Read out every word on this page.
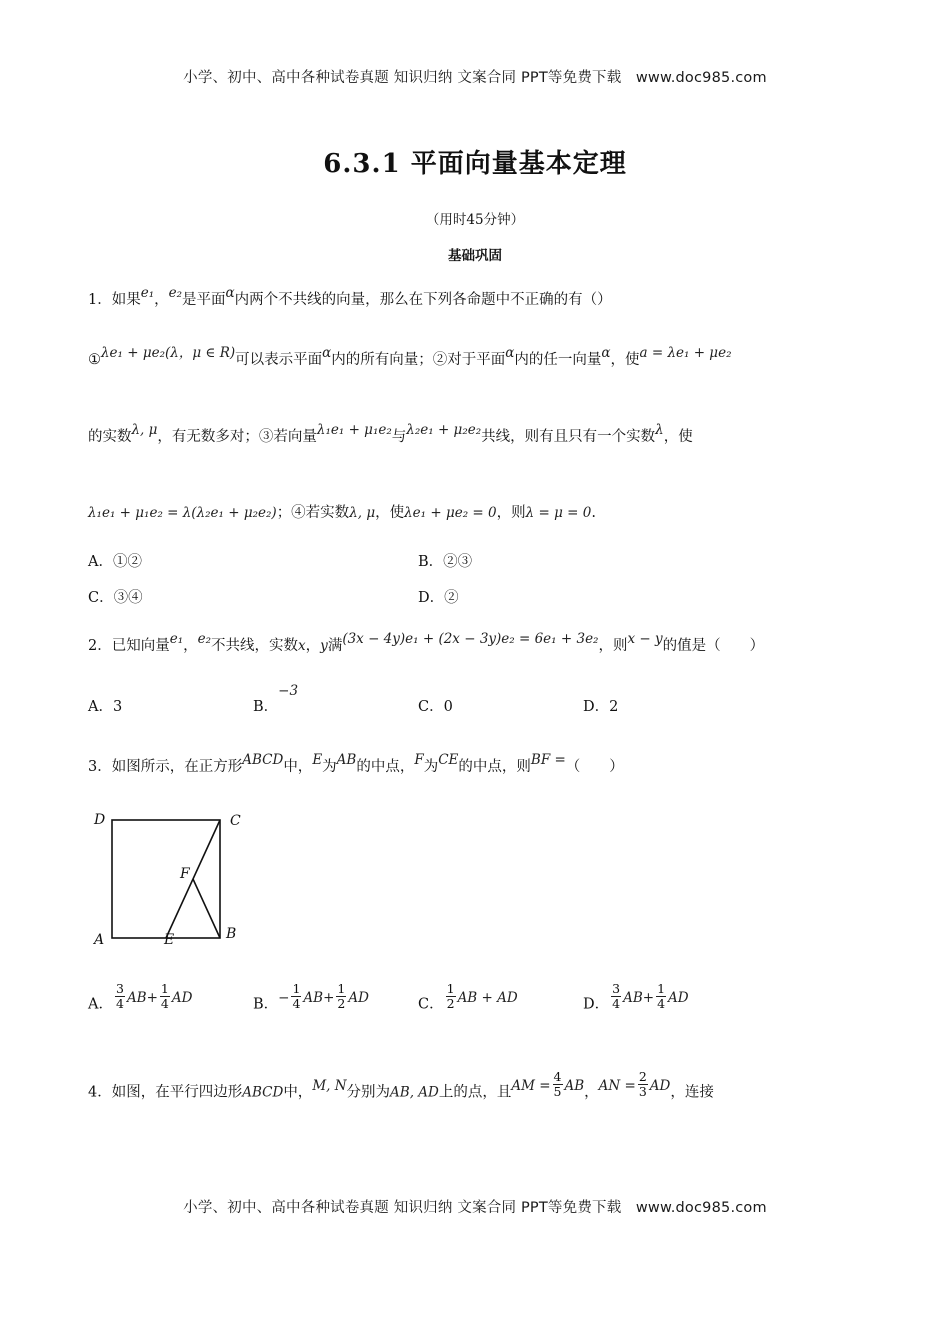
小学、初中、高中各种试卷真题 知识归纳 文案合同 PPT等免费下载 www.doc985.com
6.3.1 平面向量基本定理
（用时45分钟）
基础巩固
1．如果e₁，e₂是平面α内两个不共线的向量，那么在下列各命题中不正确的有（）
①λe₁ + μe₂(λ，μ ∈ R)可以表示平面α内的所有向量；②对于平面α内的任一向量α，使a = λe₁ + μe₂
的实数λ, μ，有无数多对；③若向量λ₁e₁ + μ₁e₂与λ₂e₁ + μ₂e₂共线，则有且只有一个实数λ，使
λ₁e₁ + μ₁e₂ = λ(λ₂e₁ + μ₂e₂)；④若实数λ, μ，使λe₁ + μe₂ = 0，则λ = μ = 0.
A．①②	B．②③
C．③④	D．②
2．已知向量e₁，e₂不共线，实数x，y满(3x − 4y)e₁ + (2x − 3y)e₂ = 6e₁ + 3e₂，则x − y的值是（　　）
A．3	B．−3
C．0	D．2
3．如图所示，在正方形ABCD中，E为AB的中点，F为CE的中点，则BF =（　　）
D	C
F
A	E	B
A． $\frac{3}{4} AB+ \frac{1}{4}$ AD	B．− $\frac{1}{4} AB+ \frac{1}{2}$ AD	C． $\frac{1}{2}$ AB + AD	D． $\frac{3}{4} AB+ \frac{1}{4}$ AD
4．如图，在平行四边形ABCD中，M, N分别为AB, AD上的点，且AM = $\frac{4}{5}$ AB，AN = $\frac{2}{3}$ AD，连接
小学、初中、高中各种试卷真题 知识归纳 文案合同 PPT等免费下载 www.doc985.com
